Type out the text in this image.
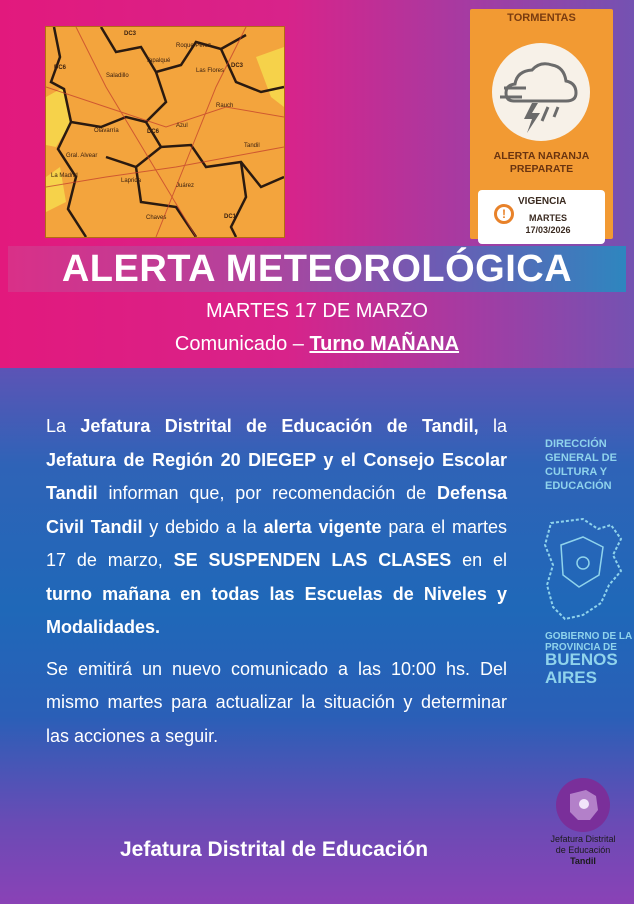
DC3
DC3
DC6
DC6
DC1
Olavarría
Azul
Tandil
Tapalqué
Las Flores
Gral. Alvear
Laprida
La Madrid
Chaves
Juárez
Rauch
Saladillo
Roque Pérez
TORMENTAS
ALERTA NARANJA
PREPARATE
!
VIGENCIA
MARTES
17/03/2026
ALERTA METEOROLÓGICA
MARTES 17 DE MARZO
Comunicado – Turno MAÑANA

La Jefatura Distrital de Educación de Tandil, la Jefatura de Región 20 DIEGEP y el Consejo Escolar Tandil informan que, por recomendación de Defensa Civil Tandil y debido a la alerta vigente para el martes 17 de marzo, SE SUSPENDEN LAS CLASES en el turno mañana en todas las Escuelas de Niveles y Modalidades.

Se emitirá un nuevo comunicado a las 10:00 hs. Del mismo martes para actualizar la situación y determinar las acciones a seguir.

Jefatura Distrital de Educación
DIRECCIÓN
GENERAL DE
CULTURA Y
EDUCACIÓN
GOBIERNO DE LA
PROVINCIA DE
BUENOS
AIRES
Jefatura Distrital
de Educación
Tandil
